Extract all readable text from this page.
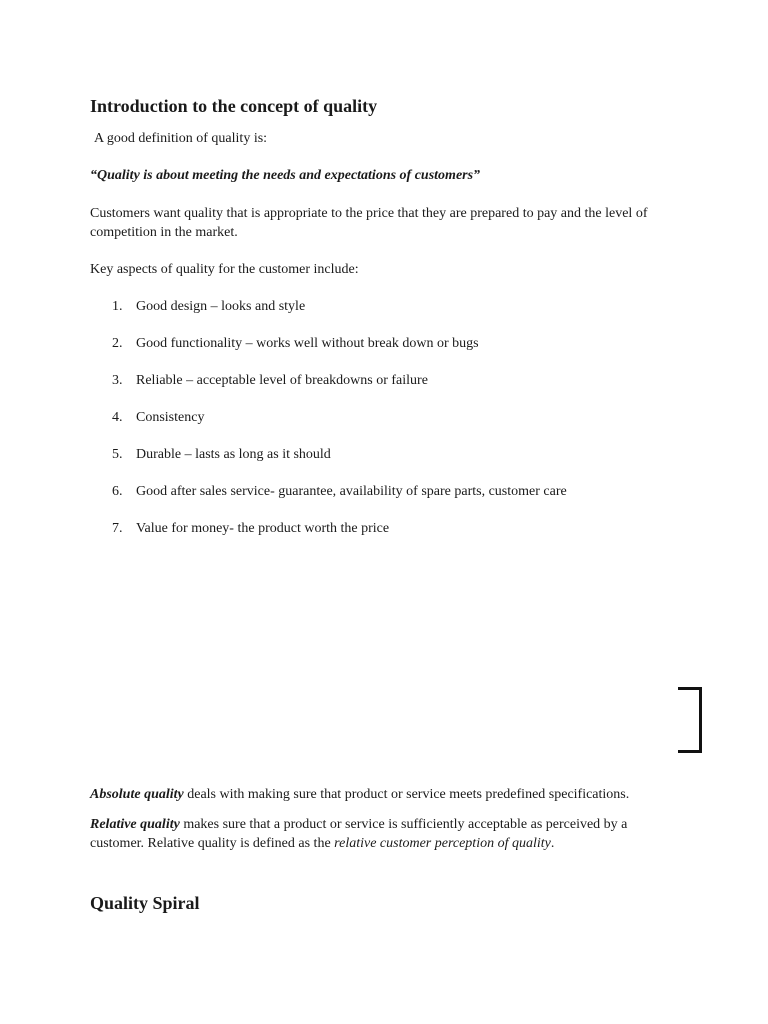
Introduction to the concept of quality

A good definition of quality is:

“Quality is about meeting the needs and expectations of customers”

Customers want quality that is appropriate to the price that they are prepared to pay and the level of competition in the market.

Key aspects of quality for the customer include:

1. Good design – looks and style
2. Good functionality – works well without break down or bugs
3. Reliable – acceptable level of breakdowns or failure
4. Consistency
5. Durable – lasts as long as it should
6. Good after sales service- guarantee, availability of spare parts, customer care
7. Value for money- the product worth the price

Absolute quality deals with making sure that product or service meets predefined specifications.

Relative quality makes sure that a product or service is sufficiently acceptable as perceived by a customer. Relative quality is defined as the relative customer perception of quality.

Quality Spiral
